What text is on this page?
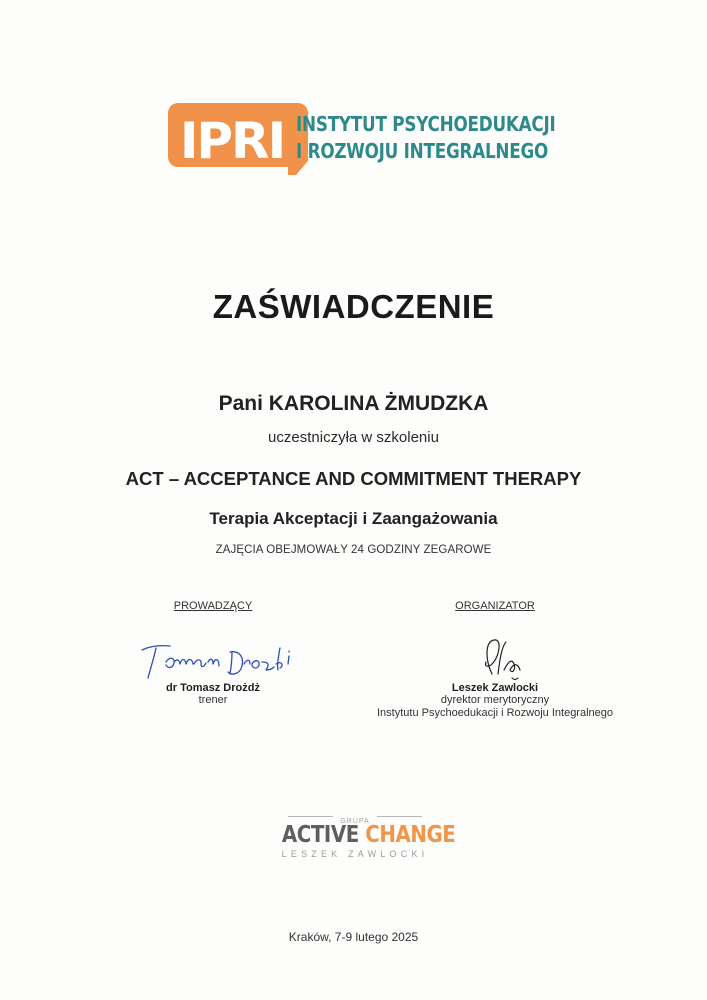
IPRI INSTYTUT PSYCHOEDUKACJI
I ROZWOJU INTEGRALNEGO
ZAŚWIADCZENIE
Pani KAROLINA ŻMUDZKA
uczestniczyła w szkoleniu
ACT – ACCEPTANCE AND COMMITMENT THERAPY
Terapia Akceptacji i Zaangażowania
ZAJĘCIA OBEJMOWAŁY 24 GODZINY ZEGAROWE
PROWADZĄCY
dr Tomasz Drożdż
trener
ORGANIZATOR
Leszek Zawlocki
dyrektor merytoryczny
Instytutu Psychoedukacji i Rozwoju Integralnego
GRUPA
ACTIVE CHANGE
LESZEK ZAWLOCKI
Kraków, 7-9 lutego 2025
